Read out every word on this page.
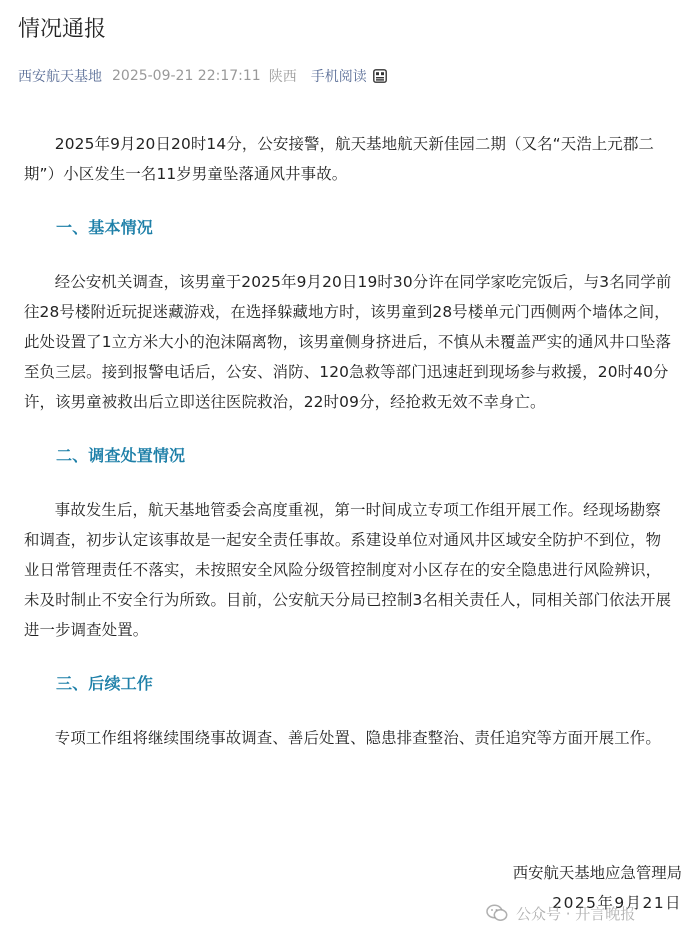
情况通报
西安航天基地 2025-09-21 22:17:11 陕西 手机阅读

2025年9月20日20时14分，公安接警，航天基地航天新佳园二期（又名“天浩上元郡二期”）小区发生一名11岁男童坠落通风井事故。

一、基本情况

经公安机关调查，该男童于2025年9月20日19时30分许在同学家吃完饭后，与3名同学前往28号楼附近玩捉迷藏游戏，在选择躲藏地方时，该男童到28号楼单元门西侧两个墙体之间，此处设置了1立方米大小的泡沫隔离物，该男童侧身挤进后，不慎从未覆盖严实的通风井口坠落至负三层。接到报警电话后，公安、消防、120急救等部门迅速赶到现场参与救援，20时40分许，该男童被救出后立即送往医院救治，22时09分，经抢救无效不幸身亡。

二、调查处置情况

事故发生后，航天基地管委会高度重视，第一时间成立专项工作组开展工作。经现场勘察和调查，初步认定该事故是一起安全责任事故。系建设单位对通风井区域安全防护不到位，物业日常管理责任不落实，未按照安全风险分级管控制度对小区存在的安全隐患进行风险辨识，未及时制止不安全行为所致。目前，公安航天分局已控制3名相关责任人，同相关部门依法开展进一步调查处置。

三、后续工作

专项工作组将继续围绕事故调查、善后处置、隐患排查整治、责任追究等方面开展工作。

西安航天基地应急管理局
2025年9月21日
公众号 · 开言晚报
